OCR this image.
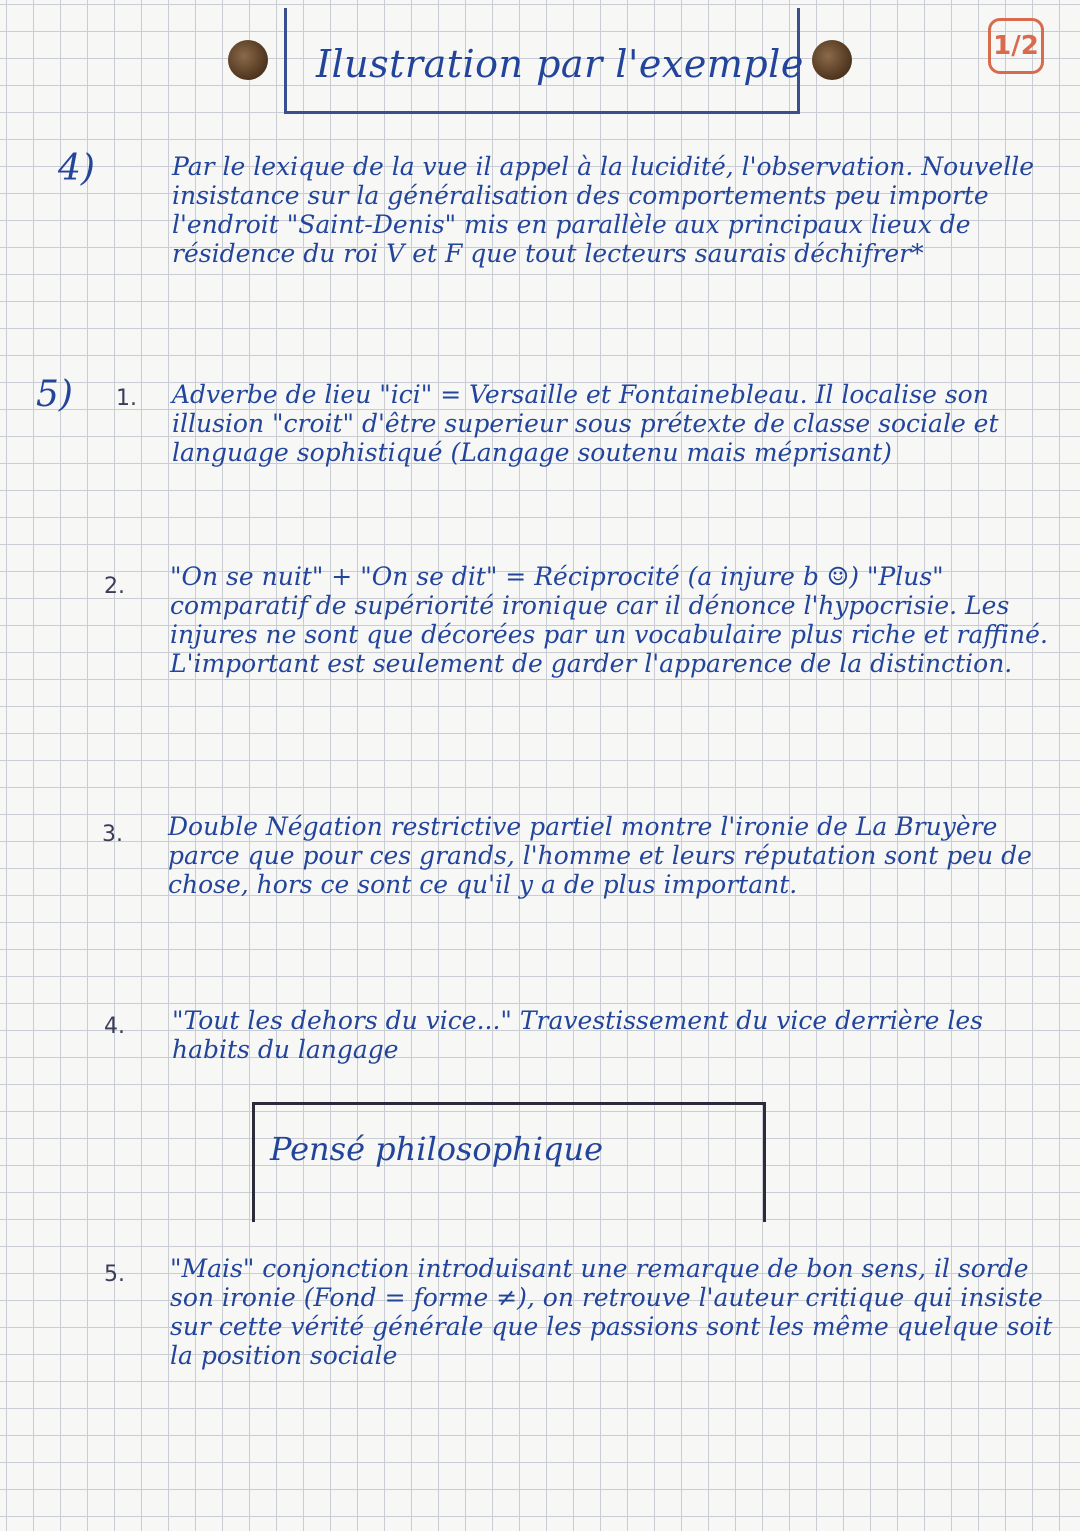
Ilustration par l'exemple	1/2
4)	Par le lexique de la vue il appel à la lucidité, l'observation. Nouvelle insistance sur la généralisation des comportements peu importe l'endroit "Saint-Denis" mis en parallèle aux principaux lieux de résidence du roi V et F que tout lecteurs saurais déchifrer*

5) 1. Adverbe de lieu "ici" = Versaille et Fontainebleau. Il localise son illusion "croit" d'être superieur sous prétexte de classe sociale et language sophistiqué (Langage soutenu mais méprisant)

2. "On se nuit" + "On se dit" = Réciprocité (a injure b ☺) "Plus" comparatif de supériorité ironique car il dénonce l'hypocrisie. Les injures ne sont que décorées par un vocabulaire plus riche et raffiné. L'important est seulement de garder l'apparence de la distinction.

3. Double Négation restrictive partiel montre l'ironie de La Bruyère parce que pour ces grands, l'homme et leurs réputation sont peu de chose, hors ce sont ce qu'il y a de plus important.

4. "Tout les dehors du vice..." Travestissement du vice derrière les habits du langage

Pensé philosophique
5. "Mais" conjonction introduisant une remarque de bon sens, il sorde son ironie (Fond = forme ≠), on retrouve l'auteur critique qui insiste sur cette vérité générale que les passions sont les même quelque soit la position sociale
